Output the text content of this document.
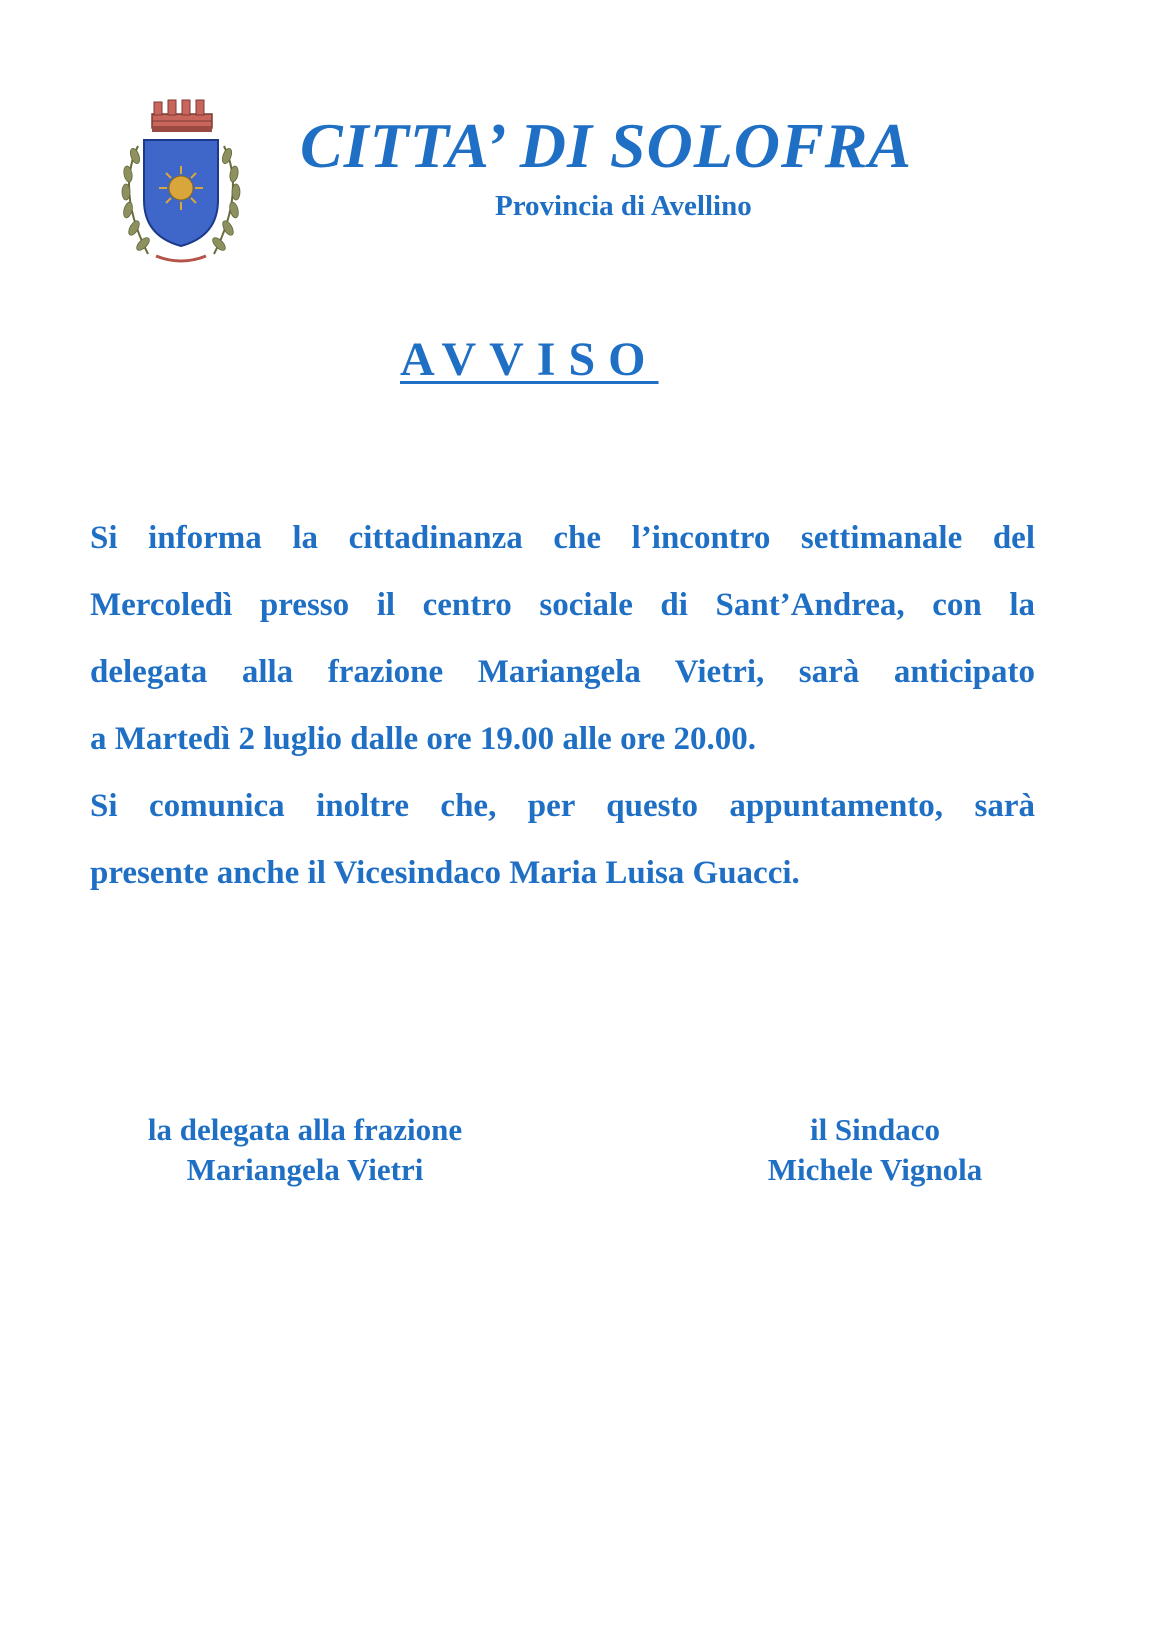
CITTA’ DI SOLOFRA
Provincia di Avellino
AVVISO
Si informa la cittadinanza che l’incontro settimanale del
Mercoledì presso il centro sociale di Sant’Andrea, con la
delegata alla frazione Mariangela Vietri, sarà anticipato
a Martedì 2 luglio dalle ore 19.00 alle ore 20.00.
Si comunica inoltre che, per questo appuntamento, sarà
presente anche il Vicesindaco Maria Luisa Guacci.
la delegata alla frazione
Mariangela Vietri
il Sindaco
Michele Vignola
